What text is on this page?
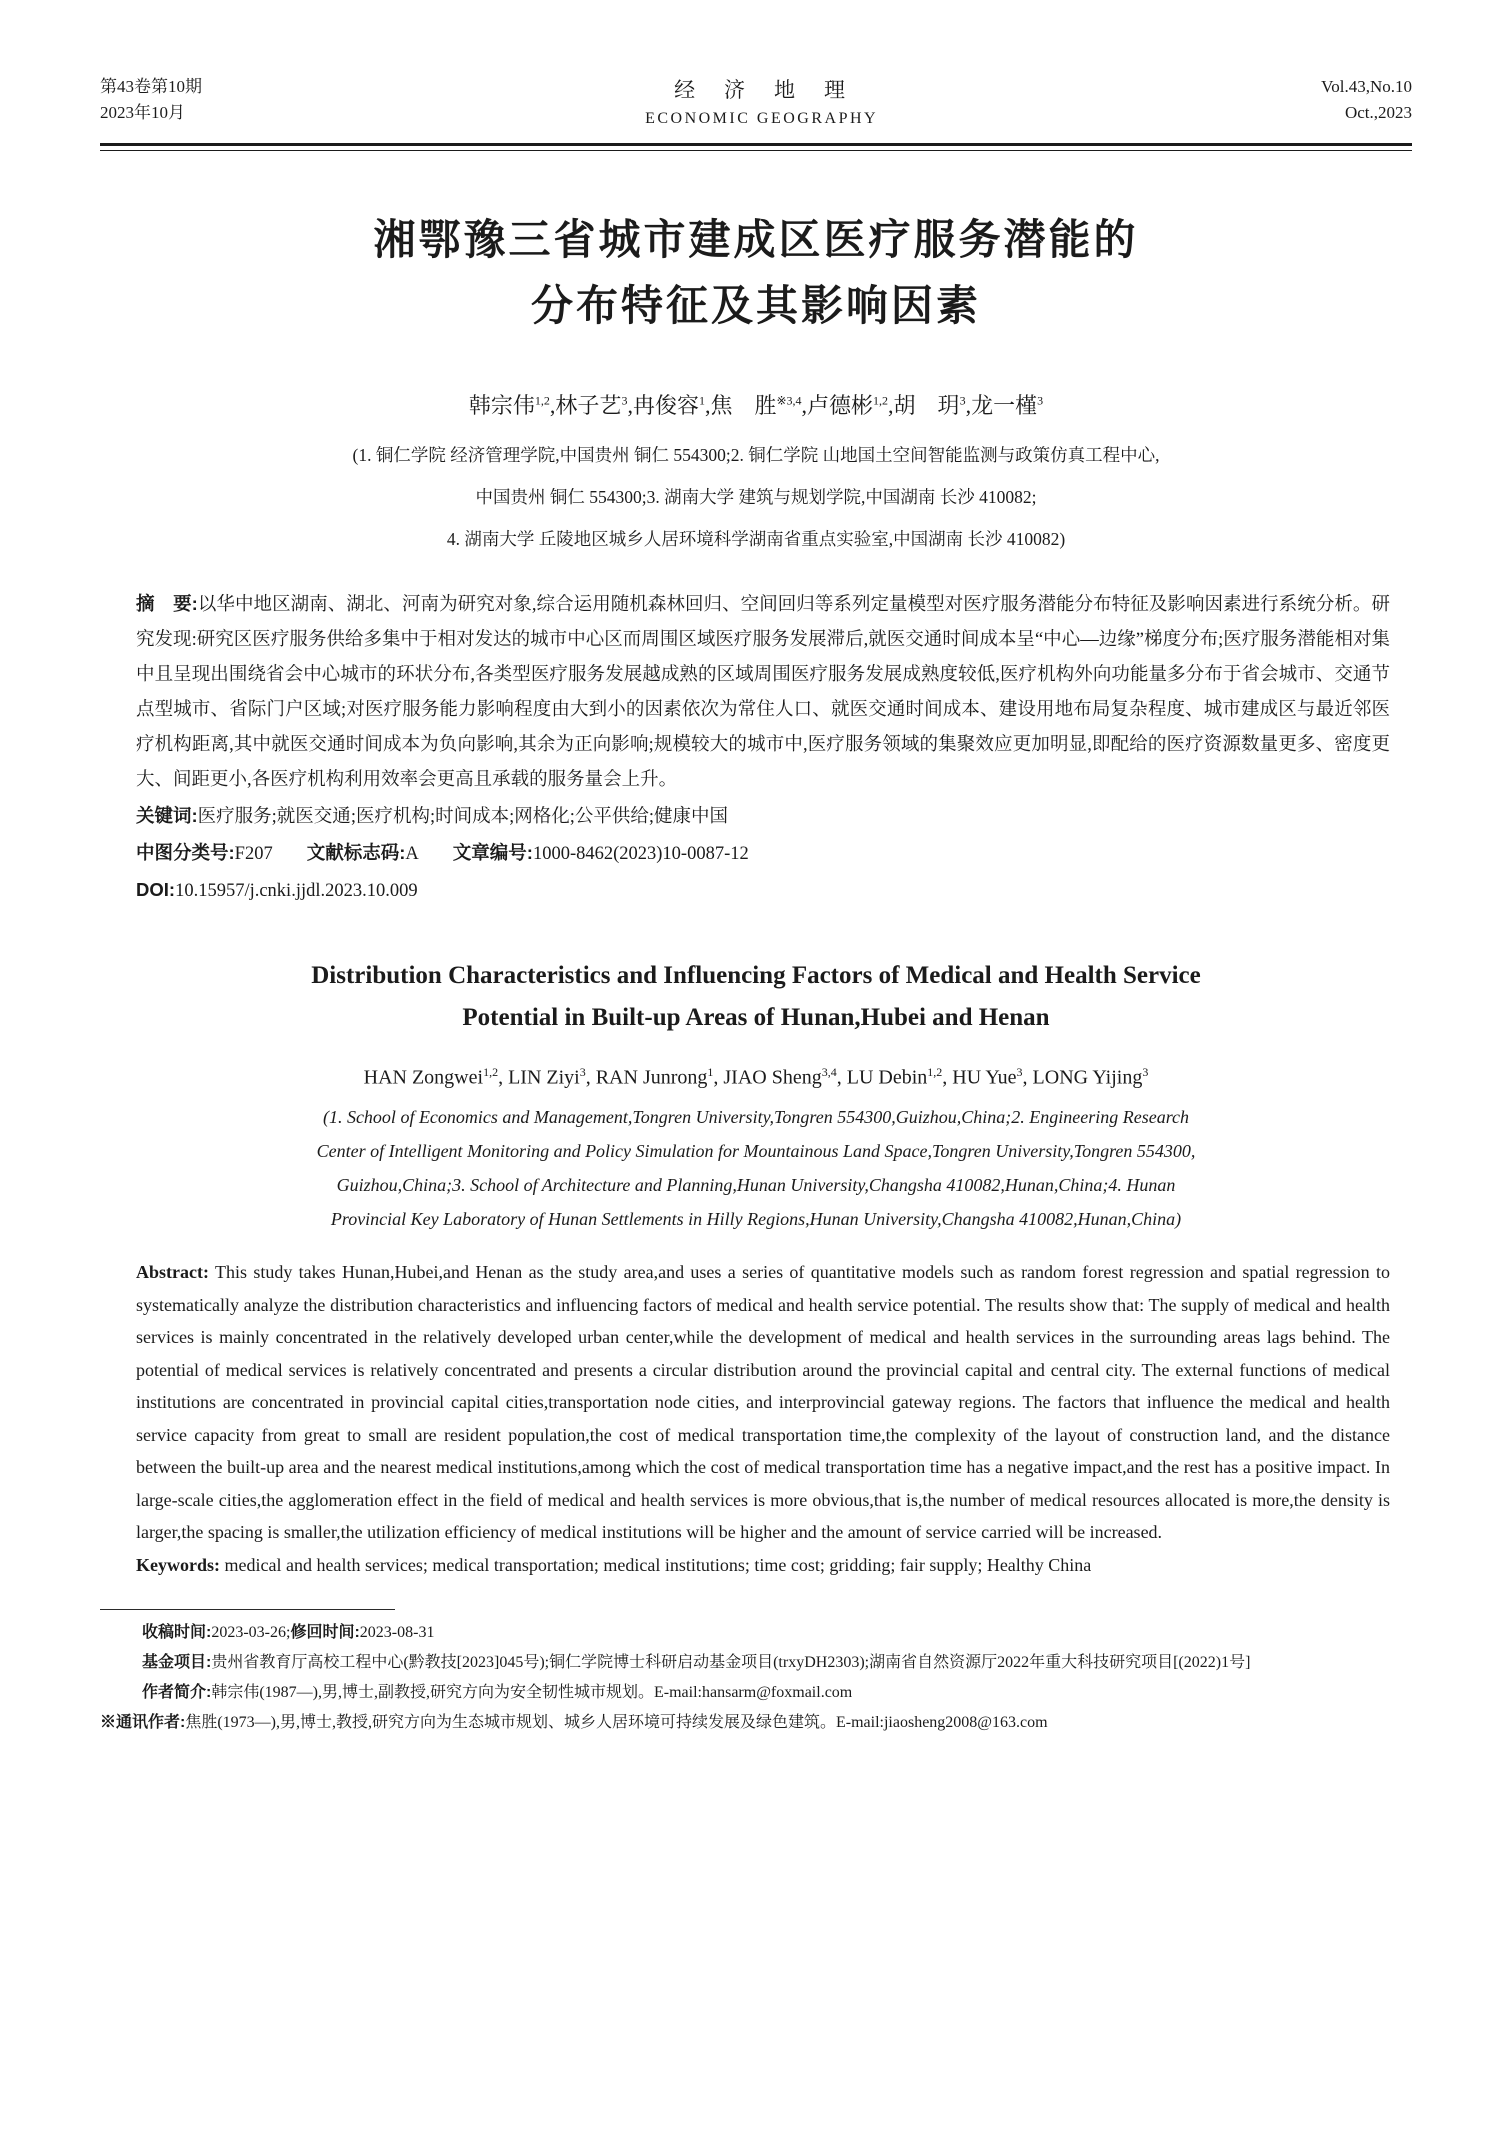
第43卷第10期
2023年10月
经　济　地　理
ECONOMIC GEOGRAPHY
Vol.43,No.10
Oct.,2023
湘鄂豫三省城市建成区医疗服务潜能的
分布特征及其影响因素
韩宗伟$^{1,2}$,林子艺$^3$,冉俊容$^1$,焦　胜$^{※3,4}$,卢德彬$^{1,2}$,胡　玥$^3$,龙一槿$^3$
(1. 铜仁学院 经济管理学院,中国贵州 铜仁 554300;2. 铜仁学院 山地国土空间智能监测与政策仿真工程中心,
中国贵州 铜仁 554300;3. 湖南大学 建筑与规划学院,中国湖南 长沙 410082;
4. 湖南大学 丘陵地区城乡人居环境科学湖南省重点实验室,中国湖南 长沙 410082)

摘　要:以华中地区湖南、湖北、河南为研究对象,综合运用随机森林回归、空间回归等系列定量模型对医疗服务潜能分布特征及影响因素进行系统分析。研究发现:研究区医疗服务供给多集中于相对发达的城市中心区而周围区域医疗服务发展滞后,就医交通时间成本呈“中心—边缘”梯度分布;医疗服务潜能相对集中且呈现出围绕省会中心城市的环状分布,各类型医疗服务发展越成熟的区域周围医疗服务发展成熟度较低,医疗机构外向功能量多分布于省会城市、交通节点型城市、省际门户区域;对医疗服务能力影响程度由大到小的因素依次为常住人口、就医交通时间成本、建设用地布局复杂程度、城市建成区与最近邻医疗机构距离,其中就医交通时间成本为负向影响,其余为正向影响;规模较大的城市中,医疗服务领域的集聚效应更加明显,即配给的医疗资源数量更多、密度更大、间距更小,各医疗机构利用效率会更高且承载的服务量会上升。

关键词:医疗服务;就医交通;医疗机构;时间成本;网格化;公平供给;健康中国

中图分类号:F207 文献标志码:A 文章编号:1000-8462(2023)10-0087-12

DOI:10.15957/j.cnki.jjdl.2023.10.009

Distribution Characteristics and Influencing Factors of Medical and Health Service
Potential in Built-up Areas of Hunan,Hubei and Henan
HAN Zongwei$^{1,2}$, LIN Ziyi$^3$, RAN Junrong$^1$, JIAO Sheng$^{3,4}$, LU Debin$^{1,2}$, HU Yue$^3$, LONG Yijing$^3$
(1. School of Economics and Management,Tongren University,Tongren 554300,Guizhou,China;2. Engineering Research
Center of Intelligent Monitoring and Policy Simulation for Mountainous Land Space,Tongren University,Tongren 554300,
Guizhou,China;3. School of Architecture and Planning,Hunan University,Changsha 410082,Hunan,China;4. Hunan
Provincial Key Laboratory of Hunan Settlements in Hilly Regions,Hunan University,Changsha 410082,Hunan,China)

Abstract: This study takes Hunan,Hubei,and Henan as the study area,and uses a series of quantitative models such as random forest regression and spatial regression to systematically analyze the distribution characteristics and influencing factors of medical and health service potential. The results show that: The supply of medical and health services is mainly concentrated in the relatively developed urban center,while the development of medical and health services in the surrounding areas lags behind. The potential of medical services is relatively concentrated and presents a circular distribution around the provincial capital and central city. The external functions of medical institutions are concentrated in provincial capital cities,transportation node cities, and interprovincial gateway regions. The factors that influence the medical and health service capacity from great to small are resident population,the cost of medical transportation time,the complexity of the layout of construction land, and the distance between the built-up area and the nearest medical institutions,among which the cost of medical transportation time has a negative impact,and the rest has a positive impact. In large-scale cities,the agglomeration effect in the field of medical and health services is more obvious,that is,the number of medical resources allocated is more,the density is larger,the spacing is smaller,the utilization efficiency of medical institutions will be higher and the amount of service carried will be increased.

Keywords: medical and health services; medical transportation; medical institutions; time cost; gridding; fair supply; Healthy China

收稿时间:2023-03-26;修回时间:2023-08-31

基金项目:贵州省教育厅高校工程中心(黔教技[2023]045号);铜仁学院博士科研启动基金项目(trxyDH2303);湖南省自然资源厅2022年重大科技研究项目[(2022)1号]

作者简介:韩宗伟(1987—),男,博士,副教授,研究方向为安全韧性城市规划。E-mail:hansarm@foxmail.com

※通讯作者:焦胜(1973—),男,博士,教授,研究方向为生态城市规划、城乡人居环境可持续发展及绿色建筑。E-mail:jiaosheng2008@163.com
